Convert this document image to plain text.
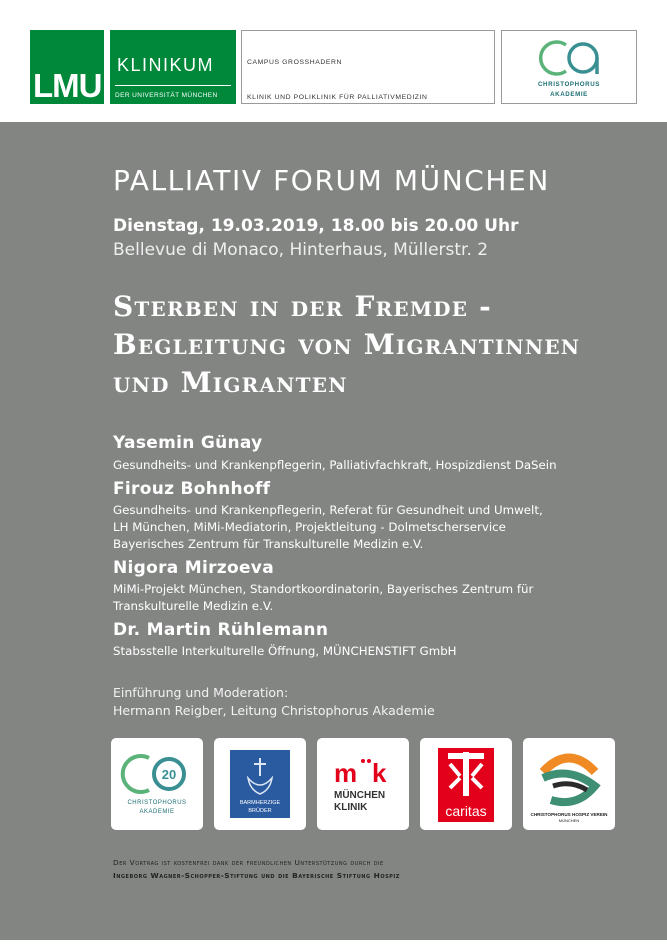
LMU
KLINIKUM
DER UNIVERSITÄT MÜNCHEN
CAMPUS GROSSHADERN
KLINIK UND POLIKLINIK FÜR PALLIATIVMEDIZIN
CHRISTOPHORUS
AKADEMIE
PALLIATIV FORUM MÜNCHEN
Dienstag, 19.03.2019, 18.00 bis 20.00 Uhr
Bellevue di Monaco, Hinterhaus, Müllerstr. 2
Sterben in der Fremde -
Begleitung von Migrantinnen
und Migranten
Yasemin Günay
Gesundheits- und Krankenpflegerin, Palliativfachkraft, Hospizdienst DaSein
Firouz Bohnhoff
Gesundheits- und Krankenpflegerin, Referat für Gesundheit und Umwelt,
LH München, MiMi-Mediatorin, Projektleitung - Dolmetscherservice
Bayerisches Zentrum für Transkulturelle Medizin e.V.
Nigora Mirzoeva
MiMi-Projekt München, Standortkoordinatorin, Bayerisches Zentrum für
Transkulturelle Medizin e.V.
Dr. Martin Rühlemann
Stabsstelle Interkulturelle Öffnung, MÜNCHENSTIFT GmbH
Einführung und Moderation:
Hermann Reigber, Leitung Christophorus Akademie
20
CHRISTOPHORUS
AKADEMIE
BARMHERZIGE
BRÜDER
m k
MÜNCHEN
KLINIK	caritas	CHRISTOPHORUS HOSPIZ VEREIN
MÜNCHEN
Der Vortrag ist kostenfrei dank der freundlichen Unterstützung durch die
Ingeborg Wagner-Schopper-Stiftung und die Bayerische Stiftung Hospiz
